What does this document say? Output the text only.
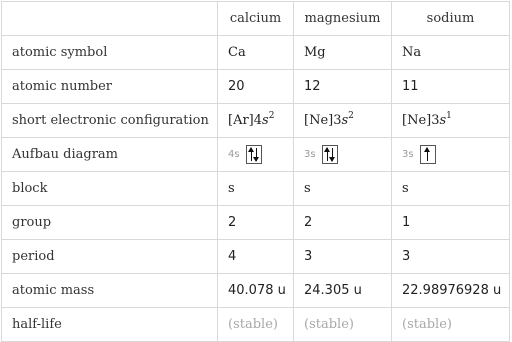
	calcium	magnesium	sodium
atomic symbol	Ca	Mg	Na
atomic number	20	12	11
short electronic configuration	$[Ar]4s^2$	$[Ne]3s^2$	$[Ne]3s^1$
Aufbau diagram	4s	3s	3s

block	s	s	s
group	2	2	1
period	4	3	3
atomic mass	40.078 u	24.305 u	22.98976928 u
half-life	(stable)	(stable)	(stable)
